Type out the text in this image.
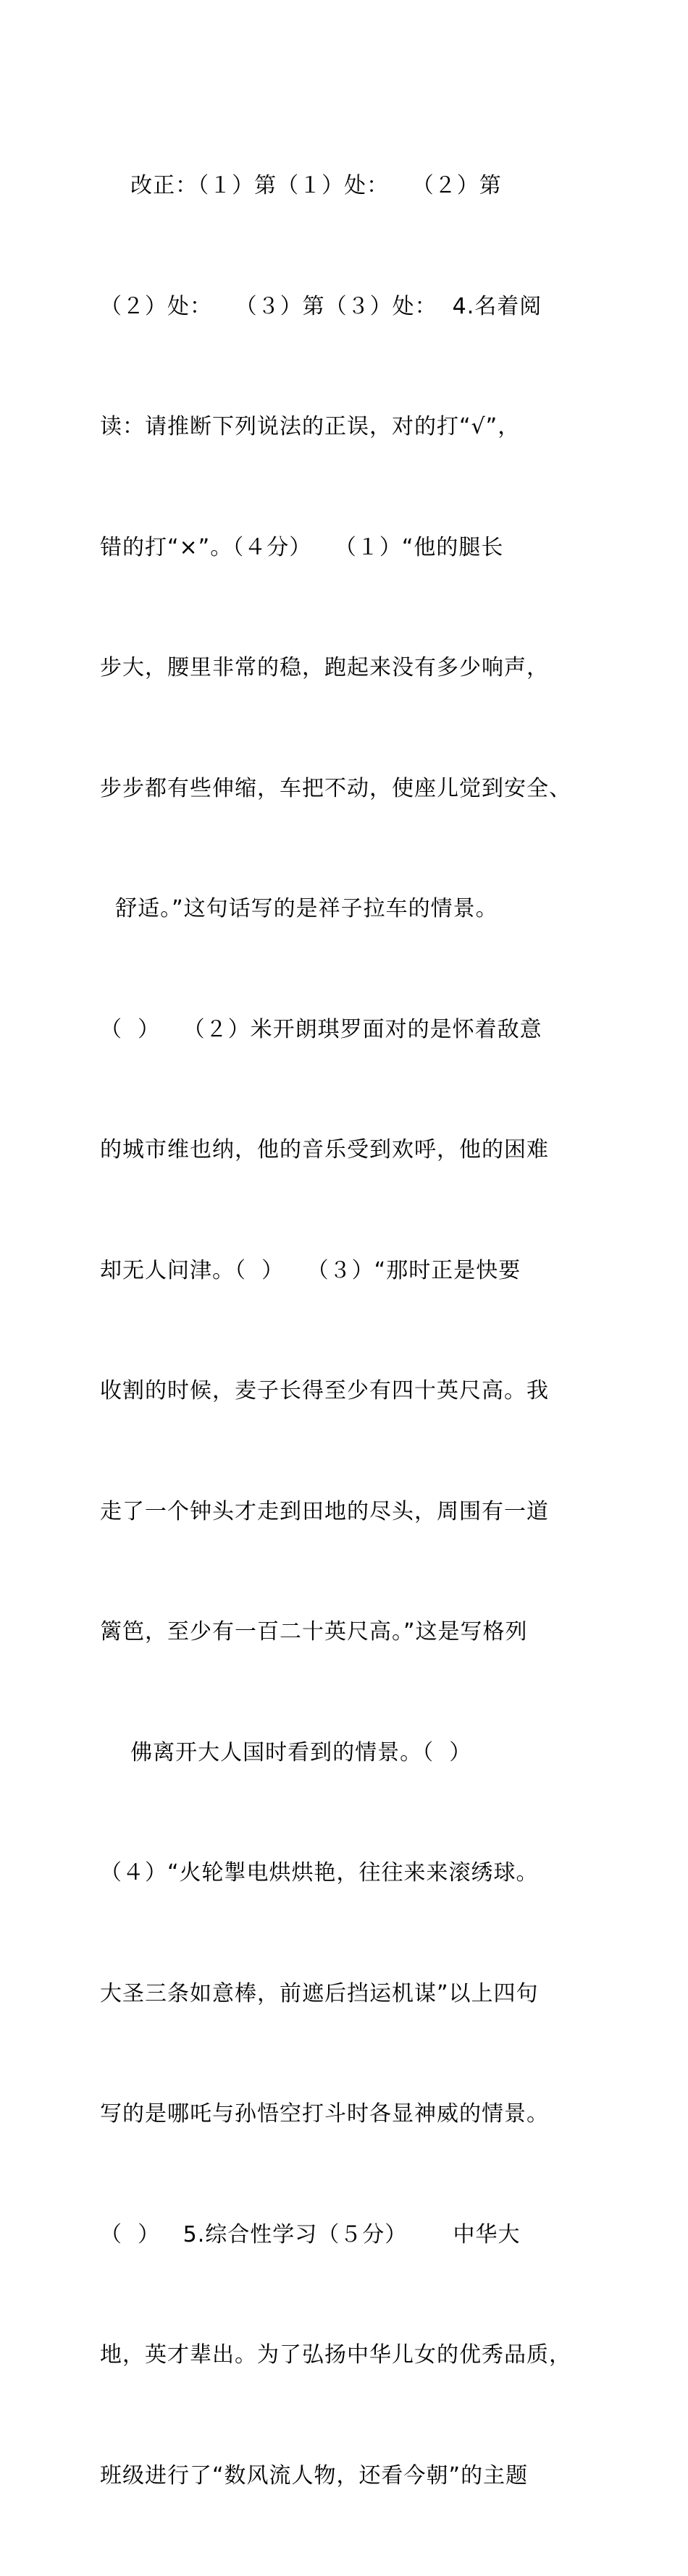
改正：（１）第（１）处：   （２）第

（２）处：   （３）第（３）处：  4.名着阅

读：请推断下列说法的正误，对的打“√”，

错的打“×”。（４分）   （１）“他的腿长

步大，腰里非常的稳，跑起来没有多少响声，

步步都有些伸缩，车把不动，使座儿觉到安全、

舒适。”这句话写的是祥子拉车的情景。

（  ）   （２）米开朗琪罗面对的是怀着敌意

的城市维也纳，他的音乐受到欢呼，他的困难

却无人问津。（  ）   （３）“那时正是快要

收割的时候，麦子长得至少有四十英尺高。我

走了一个钟头才走到田地的尽头，周围有一道

篱笆，至少有一百二十英尺高。”这是写格列

佛离开大人国时看到的情景。（  ）

（４）“火轮掣电烘烘艳，往往来来滚绣球。

大圣三条如意棒，前遮后挡运机谋”以上四句

写的是哪吒与孙悟空打斗时各显神威的情景。

（  ）   5.综合性学习（５分）      中华大

地，英才辈出。为了弘扬中华儿女的优秀品质，

班级进行了“数风流人物，还看今朝”的主题
